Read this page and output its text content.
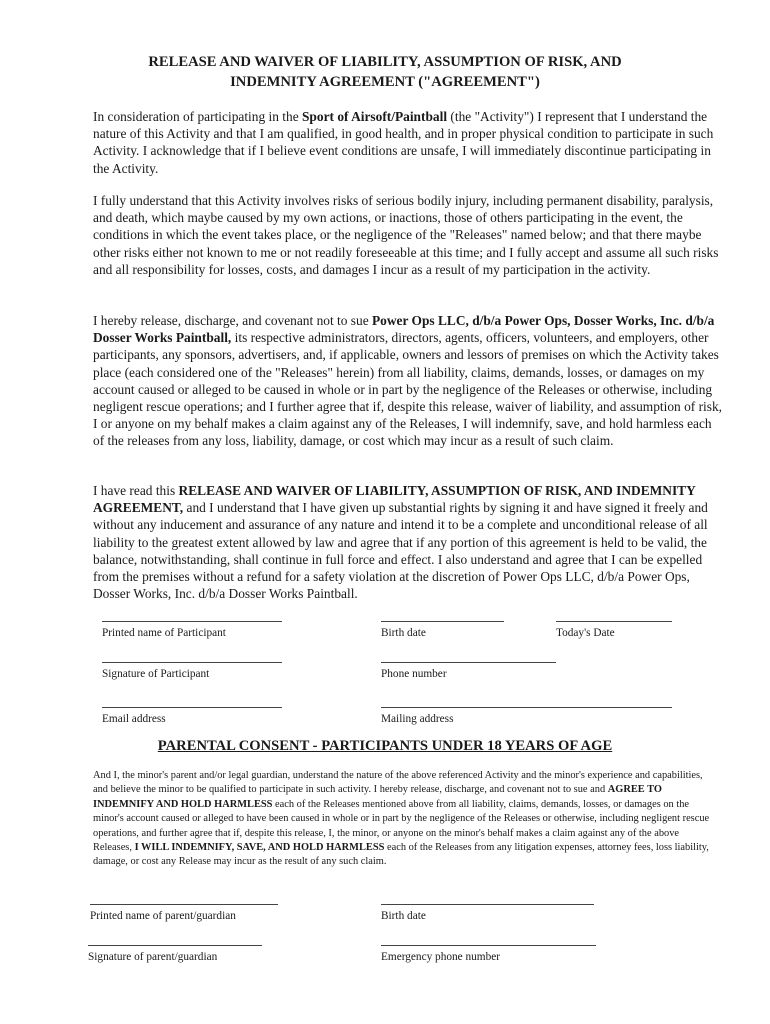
RELEASE AND WAIVER OF LIABILITY, ASSUMPTION OF RISK, AND
INDEMNITY AGREEMENT ("AGREEMENT")

In consideration of participating in the Sport of Airsoft/Paintball (the "Activity") I represent that I understand the nature of this Activity and that I am qualified, in good health, and in proper physical condition to participate in such Activity. I acknowledge that if I believe event conditions are unsafe, I will immediately discontinue participating in the Activity.

I fully understand that this Activity involves risks of serious bodily injury, including permanent disability, paralysis, and death, which maybe caused by my own actions, or inactions, those of others participating in the event, the conditions in which the event takes place, or the negligence of the "Releases" named below; and that there maybe other risks either not known to me or not readily foreseeable at this time; and I fully accept and assume all such risks and all responsibility for losses, costs, and damages I incur as a result of my participation in the activity.

I hereby release, discharge, and covenant not to sue Power Ops LLC, d/b/a Power Ops, Dosser Works, Inc. d/b/a Dosser Works Paintball, its respective administrators, directors, agents, officers, volunteers, and employers, other participants, any sponsors, advertisers, and, if applicable, owners and lessors of premises on which the Activity takes place (each considered one of the "Releases" herein) from all liability, claims, demands, losses, or damages on my account caused or alleged to be caused in whole or in part by the negligence of the Releases or otherwise, including negligent rescue operations; and I further agree that if, despite this release, waiver of liability, and assumption of risk, I or anyone on my behalf makes a claim against any of the Releases, I will indemnify, save, and hold harmless each of the releases from any loss, liability, damage, or cost which may incur as a result of such claim.

I have read this RELEASE AND WAIVER OF LIABILITY, ASSUMPTION OF RISK, AND INDEMNITY AGREEMENT, and I understand that I have given up substantial rights by signing it and have signed it freely and without any inducement and assurance of any nature and intend it to be a complete and unconditional release of all liability to the greatest extent allowed by law and agree that if any portion of this agreement is held to be valid, the balance, notwithstanding, shall continue in full force and effect. I also understand and agree that I can be expelled from the premises without a refund for a safety violation at the discretion of Power Ops LLC, d/b/a Power Ops, Dosser Works, Inc. d/b/a Dosser Works Paintball.

Printed name of Participant	Birth date	Today's Date
Signature of Participant	Phone number
Email address	Mailing address
PARENTAL CONSENT - PARTICIPANTS UNDER 18 YEARS OF AGE

And I, the minor's parent and/or legal guardian, understand the nature of the above referenced Activity and the minor's experience and capabilities, and believe the minor to be qualified to participate in such activity. I hereby release, discharge, and covenant not to sue and AGREE TO INDEMNIFY AND HOLD HARMLESS each of the Releases mentioned above from all liability, claims, demands, losses, or damages on the minor's account caused or alleged to have been caused in whole or in part by the negligence of the Releases or otherwise, including negligent rescue operations, and further agree that if, despite this release, I, the minor, or anyone on the minor's behalf makes a claim against any of the above Releases, I WILL INDEMNIFY, SAVE, AND HOLD HARMLESS each of the Releases from any litigation expenses, attorney fees, loss liability, damage, or cost any Release may incur as the result of any such claim.

Printed name of parent/guardian	Birth date
Signature of parent/guardian	Emergency phone number
